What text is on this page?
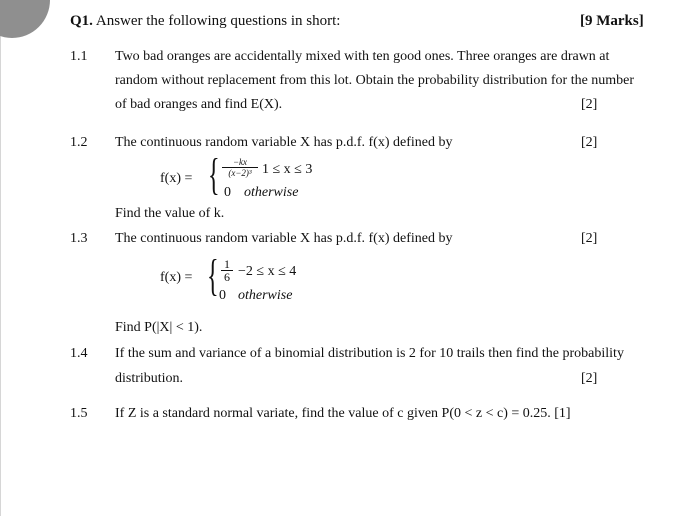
Q1. Answer the following questions in short:	[9 Marks]
1.1 Two bad oranges are accidentally mixed with ten good ones. Three oranges are drawn at
random without replacement from this lot. Obtain the probability distribution for the number
of bad oranges and find E(X).	[2]
1.2 The continuous random variable X has p.d.f. f(x) defined by	[2]
f(x) = { $\frac{-kx}{\text{(x−2)³}} 1 \le x \le 3$
0 otherwise
Find the value of k.
1.3 The continuous random variable X has p.d.f. f(x) defined by	[2]
f(x) = { $\frac{1}{6} -2 \le x \le 4$
0 otherwise
Find P(|X| < 1).
1.4 If the sum and variance of a binomial distribution is 2 for 10 trails then find the probability
distribution.	[2]
1.5 If Z is a standard normal variate, find the value of c given P(0 < z < c) = 0.25. [1]
